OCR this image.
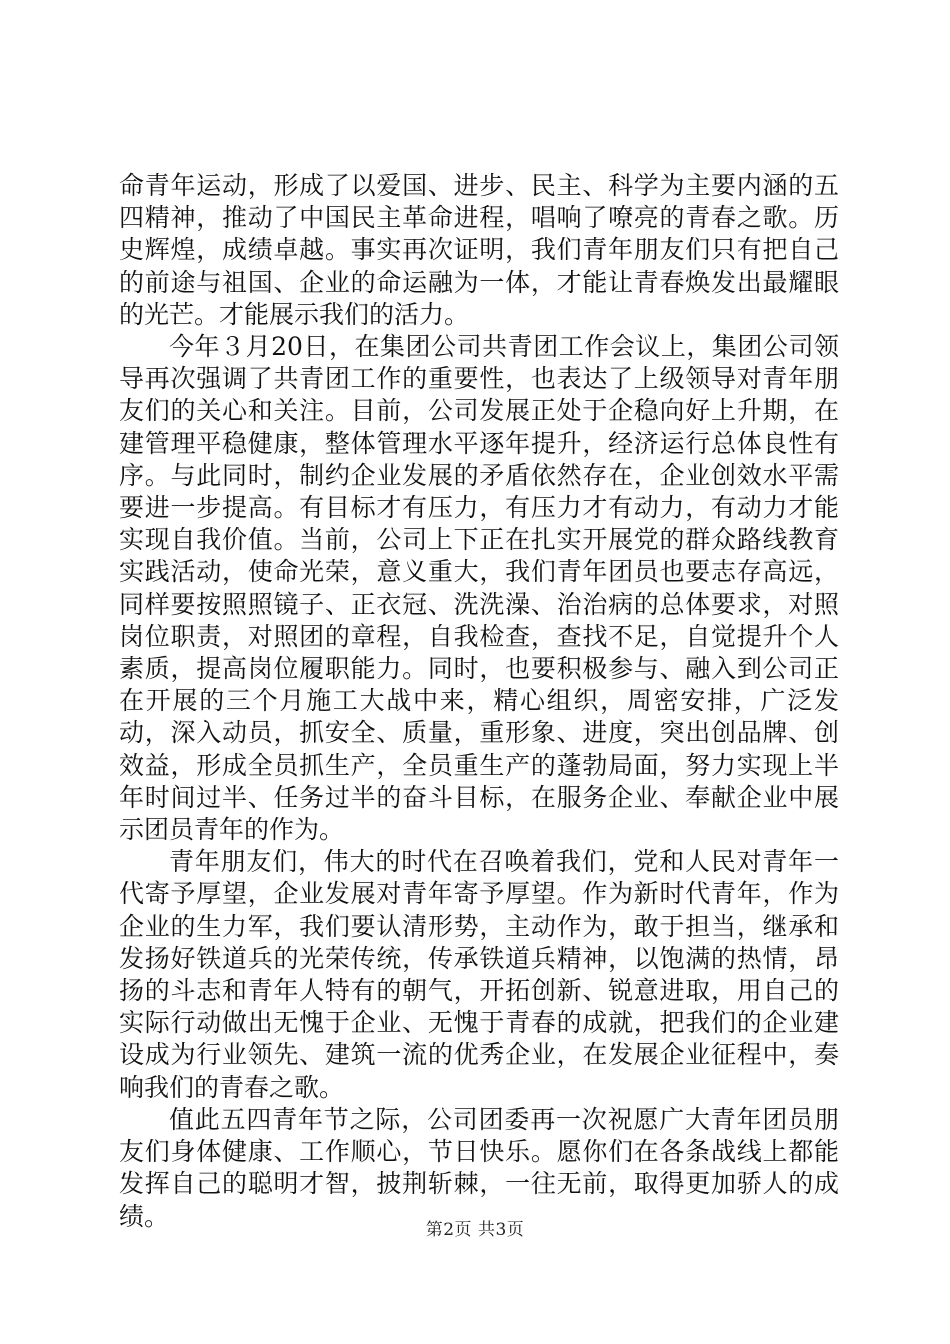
命青年运动，形成了以爱国、进步、民主、科学为主要内涵的五四精神，推动了中国民主革命进程，唱响了嘹亮的青春之歌。历史辉煌，成绩卓越。事实再次证明，我们青年朋友们只有把自己的前途与祖国、企业的命运融为一体，才能让青春焕发出最耀眼的光芒。才能展示我们的活力。

今年３月20日，在集团公司共青团工作会议上，集团公司领导再次强调了共青团工作的重要性，也表达了上级领导对青年朋友们的关心和关注。目前，公司发展正处于企稳向好上升期，在建管理平稳健康，整体管理水平逐年提升，经济运行总体良性有序。与此同时，制约企业发展的矛盾依然存在，企业创效水平需要进一步提高。有目标才有压力，有压力才有动力，有动力才能实现自我价值。当前，公司上下正在扎实开展党的群众路线教育实践活动，使命光荣，意义重大，我们青年团员也要志存高远，同样要按照照镜子、正衣冠、洗洗澡、治治病的总体要求，对照岗位职责，对照团的章程，自我检查，查找不足，自觉提升个人素质，提高岗位履职能力。同时，也要积极参与、融入到公司正在开展的三个月施工大战中来，精心组织，周密安排，广泛发动，深入动员，抓安全、质量，重形象、进度，突出创品牌、创效益，形成全员抓生产，全员重生产的蓬勃局面，努力实现上半年时间过半、任务过半的奋斗目标，在服务企业、奉献企业中展示团员青年的作为。

青年朋友们，伟大的时代在召唤着我们，党和人民对青年一代寄予厚望，企业发展对青年寄予厚望。作为新时代青年，作为企业的生力军，我们要认清形势，主动作为，敢于担当，继承和发扬好铁道兵的光荣传统，传承铁道兵精神，以饱满的热情，昂扬的斗志和青年人特有的朝气，开拓创新、锐意进取，用自己的实际行动做出无愧于企业、无愧于青春的成就，把我们的企业建设成为行业领先、建筑一流的优秀企业，在发展企业征程中，奏响我们的青春之歌。

值此五四青年节之际，公司团委再一次祝愿广大青年团员朋友们身体健康、工作顺心，节日快乐。愿你们在各条战线上都能发挥自己的聪明才智，披荆斩棘，一往无前，取得更加骄人的成绩。	第2页 共3页
